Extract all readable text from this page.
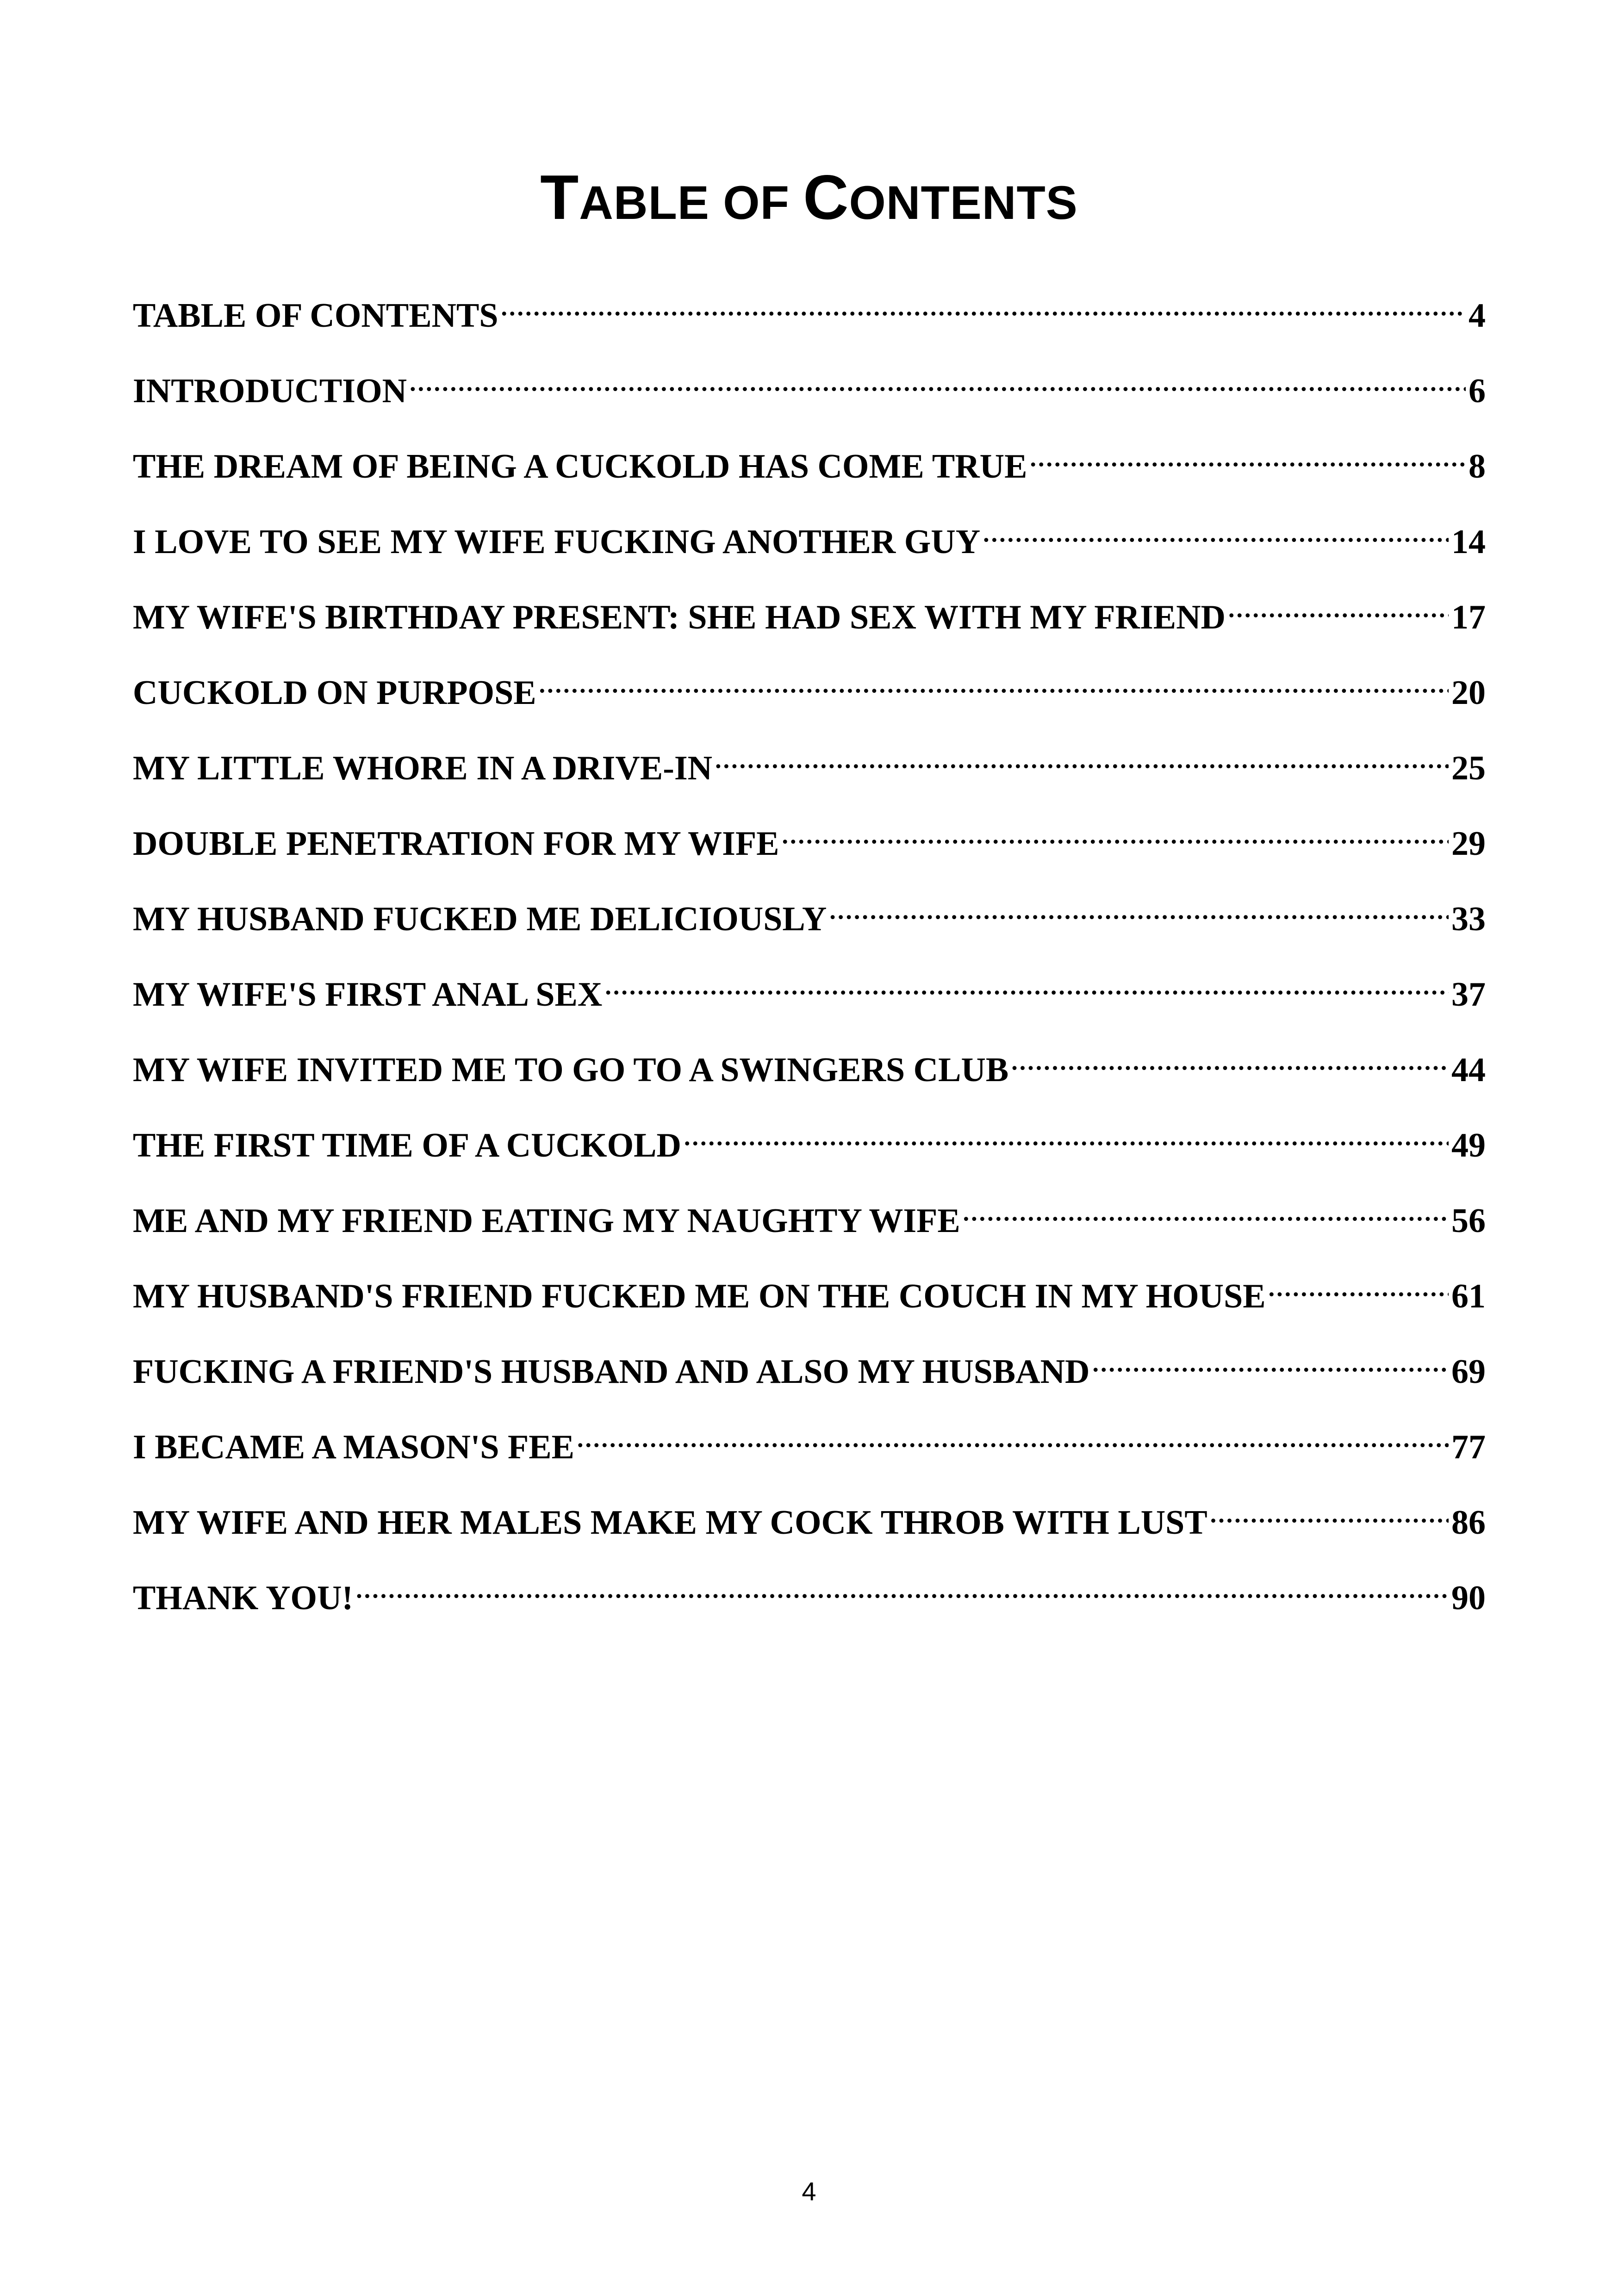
TABLE OF CONTENTS
TABLE OF CONTENTS .....	4
INTRODUCTION .....	6
THE DREAM OF BEING A CUCKOLD HAS COME TRUE .....	8
I LOVE TO SEE MY WIFE FUCKING ANOTHER GUY .....	14
MY WIFE'S BIRTHDAY PRESENT: SHE HAD SEX WITH MY FRIEND .....	17
CUCKOLD ON PURPOSE .....	20
MY LITTLE WHORE IN A DRIVE-IN .....	25
DOUBLE PENETRATION FOR MY WIFE .....	29
MY HUSBAND FUCKED ME DELICIOUSLY .....	33
MY WIFE'S FIRST ANAL SEX .....	37
MY WIFE INVITED ME TO GO TO A SWINGERS CLUB .....	44
THE FIRST TIME OF A CUCKOLD .....	49
ME AND MY FRIEND EATING MY NAUGHTY WIFE .....	56
MY HUSBAND'S FRIEND FUCKED ME ON THE COUCH IN MY HOUSE .....	61
FUCKING A FRIEND'S HUSBAND AND ALSO MY HUSBAND .....	69
I BECAME A MASON'S FEE .....	77
MY WIFE AND HER MALES MAKE MY COCK THROB WITH LUST .....	86
THANK YOU! .....	90
4
